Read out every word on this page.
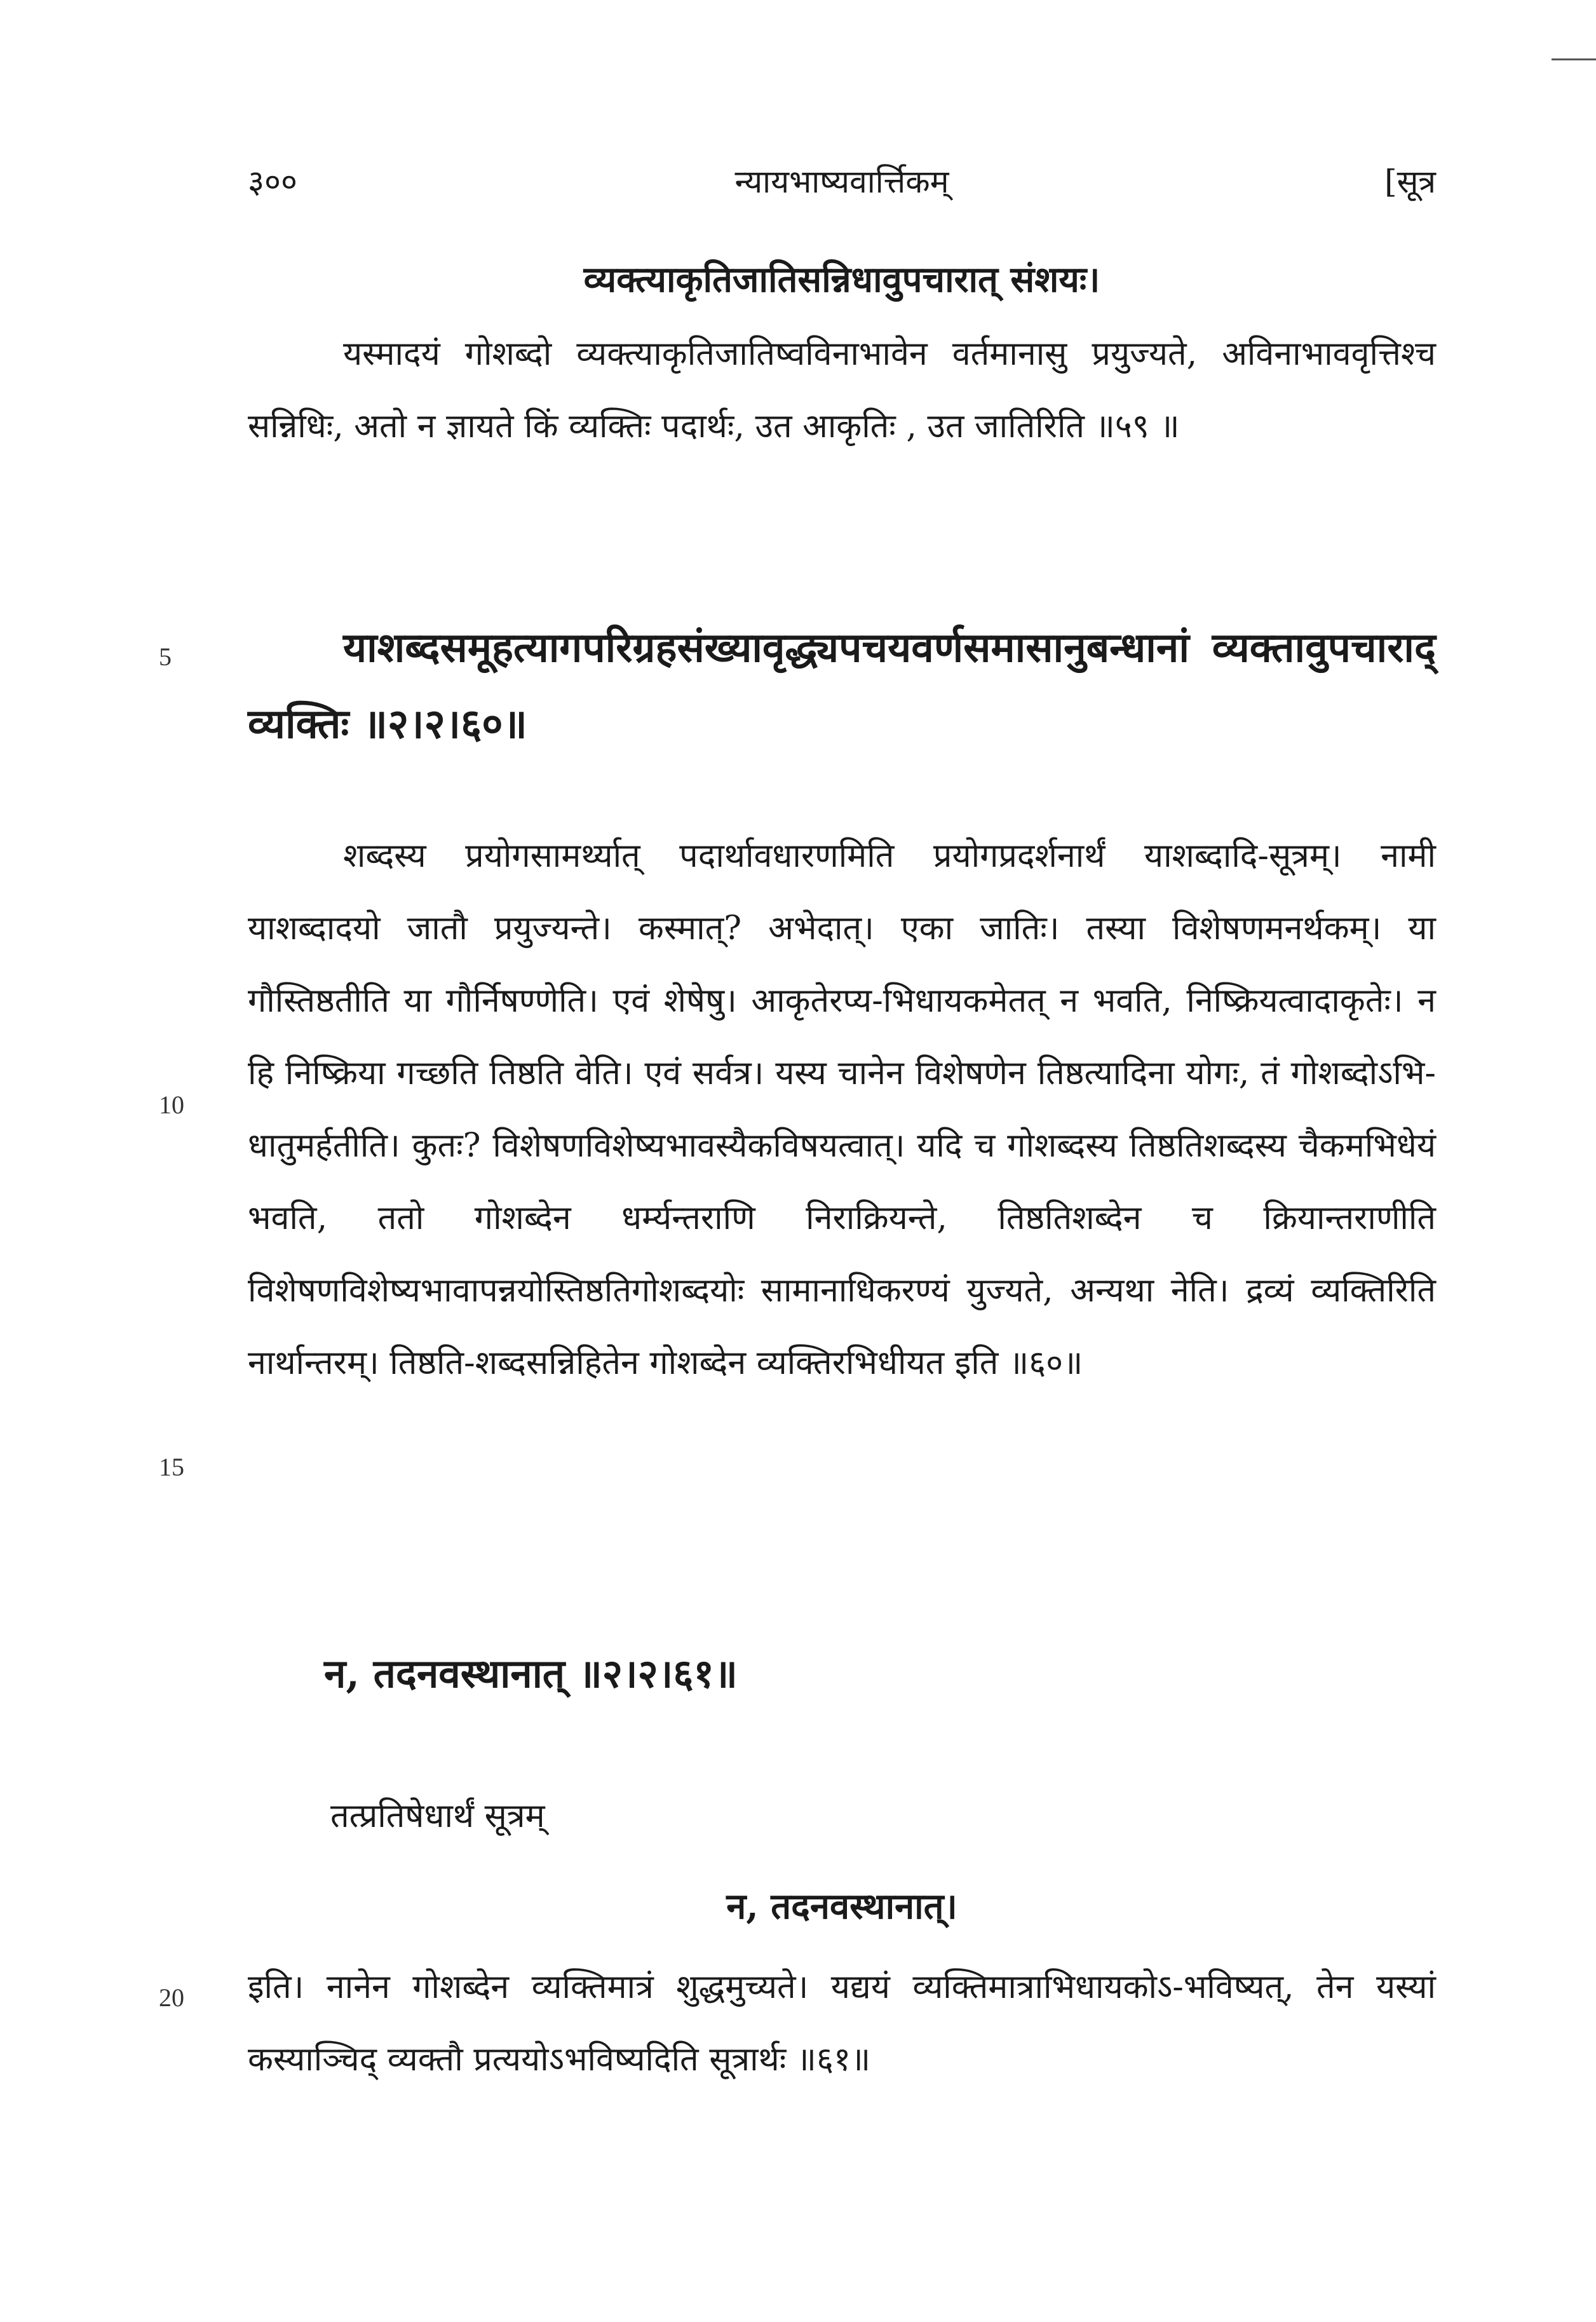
३००	न्यायभाष्यवार्त्तिकम्	[सूत्र
व्यक्त्याकृतिजातिसन्निधावुपचारात् संशयः।

यस्मादयं गोशब्दो व्यक्त्याकृतिजातिष्वविनाभावेन वर्तमानासु प्रयुज्यते, अविनाभाववृत्तिश्च सन्निधिः, अतो न ज्ञायते किं व्यक्तिः पदार्थः, उत आकृतिः , उत जातिरिति ॥५९ ॥

5	याशब्दसमूहत्यागपरिग्रहसंख्यावृद्ध्यपचयवर्णसमासानुबन्धानां व्यक्तावुपचाराद् व्यक्तिः ॥२।२।६०॥

शब्दस्य प्रयोगसामर्थ्यात् पदार्थावधारणमिति प्रयोगप्रदर्शनार्थं याशब्दादि-सूत्रम्। नामी याशब्दादयो जातौ प्रयुज्यन्ते। कस्मात्? अभेदात्। एका जातिः। तस्या विशेषणमनर्थकम्। या गौस्तिष्ठतीति या गौर्निषण्णेति। एवं शेषेषु। आकृतेरप्य-भिधायकमेतत् न भवति, निष्क्रियत्वादाकृतेः। न हि निष्क्रिया गच्छति तिष्ठति वेति। एवं सर्वत्र। यस्य चानेन विशेषणेन तिष्ठत्यादिना योगः, तं गोशब्दोऽभि-धातुमर्हतीति। कुतः? विशेषणविशेष्यभावस्यैकविषयत्वात्। यदि च गोशब्दस्य तिष्ठतिशब्दस्य चैकमभिधेयं भवति, ततो गोशब्देन धर्म्यन्तराणि निराक्रियन्ते, तिष्ठतिशब्देन च क्रियान्तराणीति विशेषणविशेष्यभावापन्नयोस्तिष्ठतिगोशब्दयोः सामानाधिकरण्यं युज्यते, अन्यथा नेति। द्रव्यं व्यक्तिरिति नार्थान्तरम्। तिष्ठति-शब्दसन्निहितेन गोशब्देन व्यक्तिरभिधीयत इति ॥६०॥

10
15
न, तदनवस्थानात् ॥२।२।६१॥
तत्प्रतिषेधार्थं सूत्रम्
न, तदनवस्थानात्।

इति। नानेन गोशब्देन व्यक्तिमात्रं शुद्धमुच्यते। यद्ययं व्यक्तिमात्राभिधायकोऽ-भविष्यत्, तेन यस्यां कस्याञ्चिद् व्यक्तौ प्रत्ययोऽभविष्यदिति सूत्रार्थः ॥६१॥

20
